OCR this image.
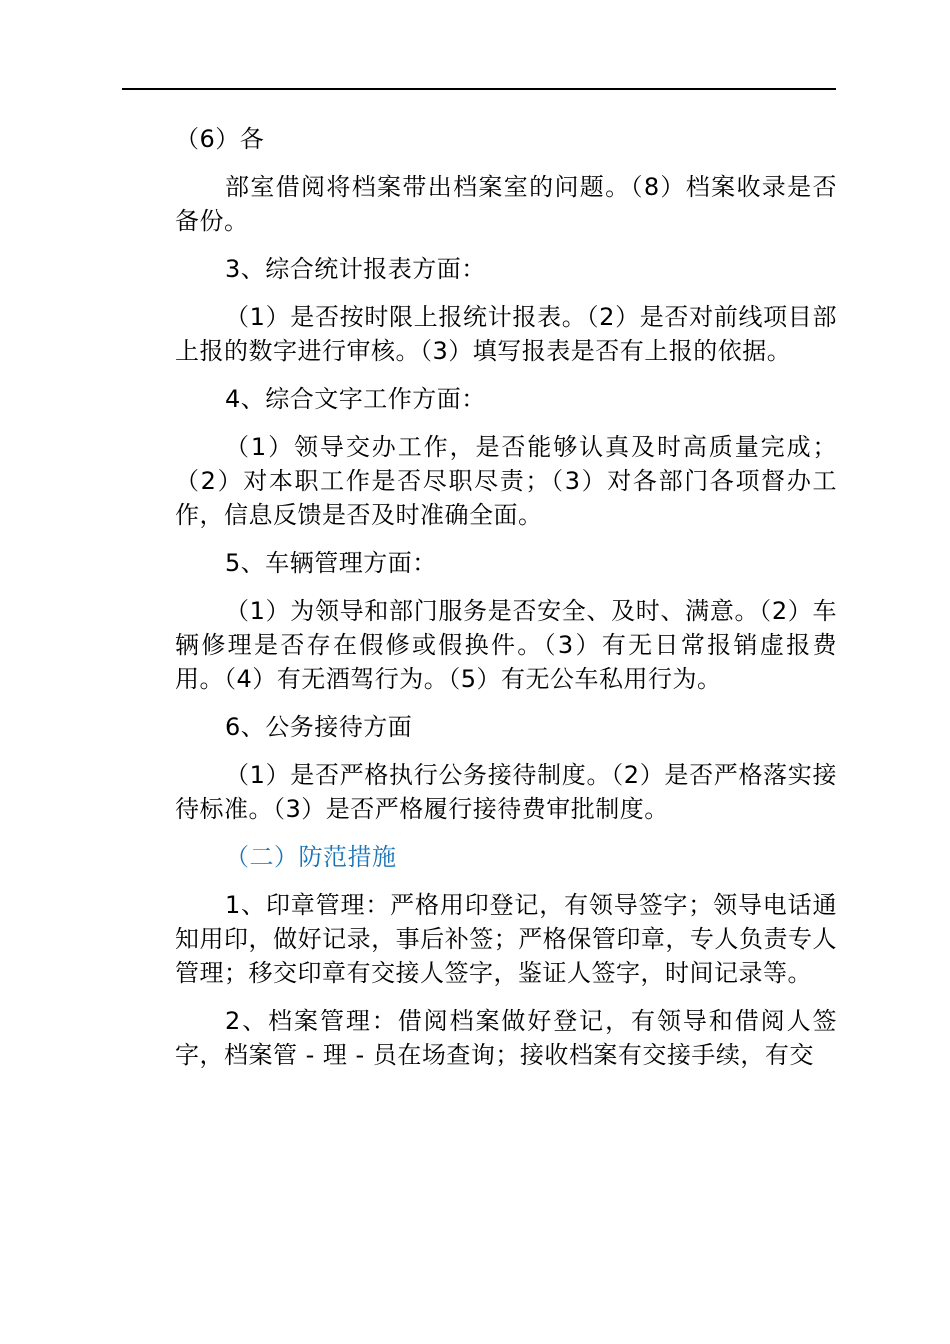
（6）各

部室借阅将档案带出档案室的问题。（8）档案收录是否备份。

3、综合统计报表方面：

（1）是否按时限上报统计报表。（2）是否对前线项目部上报的数字进行审核。（3）填写报表是否有上报的依据。

4、综合文字工作方面：

（1）领导交办工作，是否能够认真及时高质量完成；（2）对本职工作是否尽职尽责；（3）对各部门各项督办工作，信息反馈是否及时准确全面。

5、车辆管理方面：

（1）为领导和部门服务是否安全、及时、满意。（2）车辆修理是否存在假修或假换件。（3）有无日常报销虚报费用。（4）有无酒驾行为。（5）有无公车私用行为。

6、公务接待方面

（1）是否严格执行公务接待制度。（2）是否严格落实接待标准。（3）是否严格履行接待费审批制度。

（二）防范措施

1、印章管理：严格用印登记，有领导签字；领导电话通知用印，做好记录，事后补签；严格保管印章，专人负责专人管理；移交印章有交接人签字，鉴证人签字，时间记录等。

2、档案管理：借阅档案做好登记，有领导和借阅人签字，档案管 - 理 - 员在场查询；接收档案有交接手续，有交
